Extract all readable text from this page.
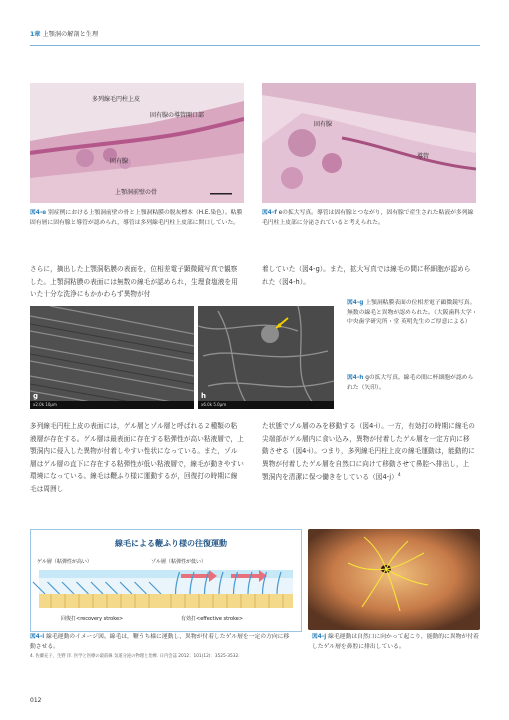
1章 上顎洞の解剖と生理
多列線毛円柱上皮
固有腺の導管開口部
固有腺
上顎洞前壁の骨
図4-e 別症例における上顎洞前壁の骨と上顎洞粘膜の脱灰標本（H.E.染色）。粘膜固有層に固有腺と導管が認められ，導管は多列線毛円柱上皮部に開口していた。
固有腺
導管
図4-f eの拡大写真。導管は固有腺とつながり，固有腺で産生された粘液が多列線毛円柱上皮部に分泌されていると考えられた。
さらに，摘出した上顎洞粘膜の表面を，位相差電子顕微鏡写真で観察した。上顎洞粘膜の表面には無数の線毛が認められ，生理食塩液を用いた十分な洗浄にもかかわらず異物が付
着していた（図4-g）。また，拡大写真では線毛の間に杯細胞が認められた（図4-h）。
x2.0k 10μm
g
x6.0k 5.0μm
h
図4-g 上顎洞粘膜表面の位相差電子顕微鏡写真。無数の線毛と異物が認められた。（大阪歯科大学・中央歯学研究所・堂 英明先生のご厚意による）
図4-h gの拡大写真。線毛の間に杯細胞が認められた（矢印）。
多列線毛円柱上皮の表面には，ゲル層とゾル層と呼ばれる２種類の粘液層が存在する。ゲル層は最表面に存在する粘弾性が高い粘液層で，上顎洞内に侵入した異物が付着しやすい性状になっている。また，ゾル層はゲル層の直下に存在する粘弾性が低い粘液層で，線毛が動きやすい環境になっている。線毛は鞭ふり様に運動するが，回復打の時期に線毛は周囲し
た状態でゾル層のみを移動する（図4-i）。一方，有効打の時期に線毛の尖端部がゲル層内に食い込み，異物が付着したゲル層を一定方向に移動させる（図4-i）。つまり，多列線毛円柱上皮の線毛運動は，能動的に異物が付着したゲル層を自然口に向けて移動させて鼻腔へ排出し，上顎洞内を清潔に保つ働きをしている（図4-j）$^4$
線毛による鞭ふり様の往復運動
ゲル層（粘弾性が高い）	ゾル層（粘弾性が低い）
回復打<recovery stroke>	有効打<effective stroke>
図4-i 線毛運動のイメージ図。線毛は，鞭うち様に運動し，異物が付着したゲル層を一定の方向に移動させる。
図4-j 線毛運動は自然口に向かって起こり，能動的に異物が付着したゲル層を鼻腔に排出している。
4. 佐藤充子，生野 洋. 医学と医療の最前線 気道分泌の物理と治療. 日内会誌 2012；101(12)：3525-3532.
012
